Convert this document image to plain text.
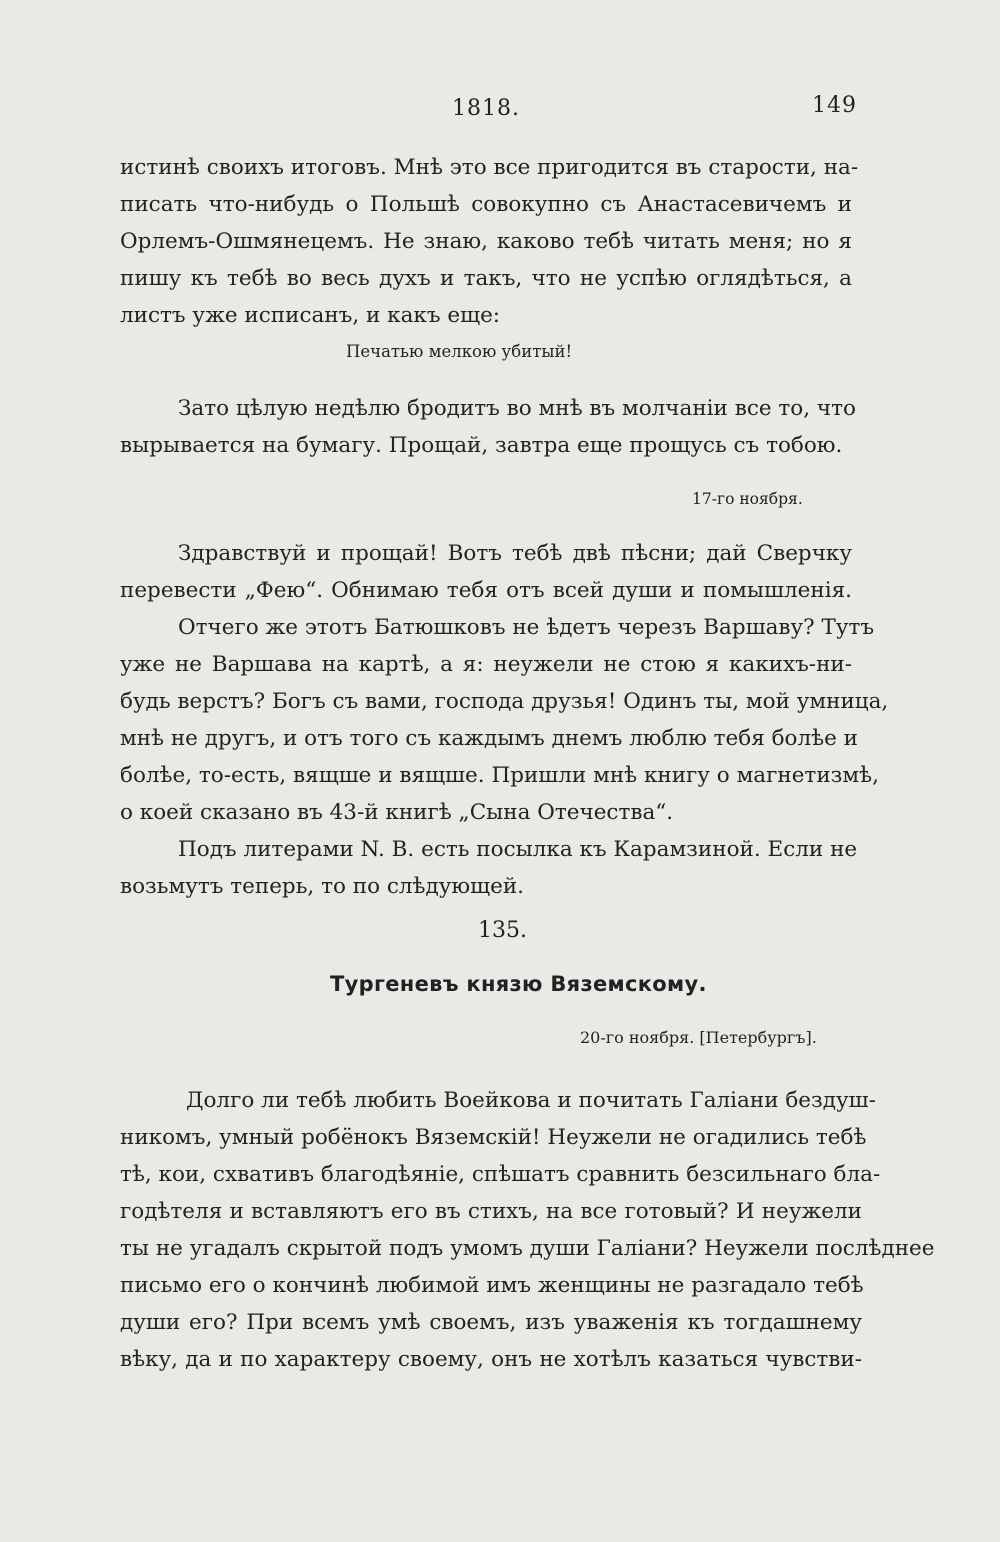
1818.	149
истинѣ своихъ итоговъ. Мнѣ это все пригодится въ старости, на-
писать что-нибудь о Польшѣ совокупно съ Анастасевичемъ и
Орлемъ-Ошмянецемъ. Не знаю, каково тебѣ читать меня; но я
пишу къ тебѣ во весь духъ и такъ, что не успѣю оглядѣться, а
листъ уже исписанъ, и какъ еще:
Печатью мелкою убитый!
Зато цѣлую недѣлю бродитъ во мнѣ въ молчаніи все то, что
вырывается на бумагу. Прощай, завтра еще прощусь съ тобою.
17-го ноября.
Здравствуй и прощай! Вотъ тебѣ двѣ пѣсни; дай Сверчку
перевести „Фею“. Обнимаю тебя отъ всей души и помышленія.
Отчего же этотъ Батюшковъ не ѣдетъ черезъ Варшаву? Тутъ
уже не Варшава на картѣ, а я: неужели не стою я какихъ-ни-
будь верстъ? Богъ съ вами, господа друзья! Одинъ ты, мой умница,
мнѣ не другъ, и отъ того съ каждымъ днемъ люблю тебя болѣе и
болѣе, то-есть, вящше и вящше. Пришли мнѣ книгу о магнетизмѣ,
о коей сказано въ 43-й книгѣ „Сына Отечества“.
Подъ литерами N. B. есть посылка къ Карамзиной. Если не
возьмутъ теперь, то по слѣдующей.
135.
Тургеневъ князю Вяземскому.
20-го ноября. [Петербургъ].
Долго ли тебѣ любить Воейкова и почитать Галіани бездуш-
никомъ, умный робёнокъ Вяземскій! Неужели не огадились тебѣ
тѣ, кои, схвативъ благодѣяніе, спѣшатъ сравнить безсильнаго бла-
годѣтеля и вставляютъ его въ стихъ, на все готовый? И неужели
ты не угадалъ скрытой подъ умомъ души Галіани? Неужели послѣднее
письмо его о кончинѣ любимой имъ женщины не разгадало тебѣ
души его? При всемъ умѣ своемъ, изъ уваженія къ тогдашнему
вѣку, да и по характеру своему, онъ не хотѣлъ казаться чувстви-
